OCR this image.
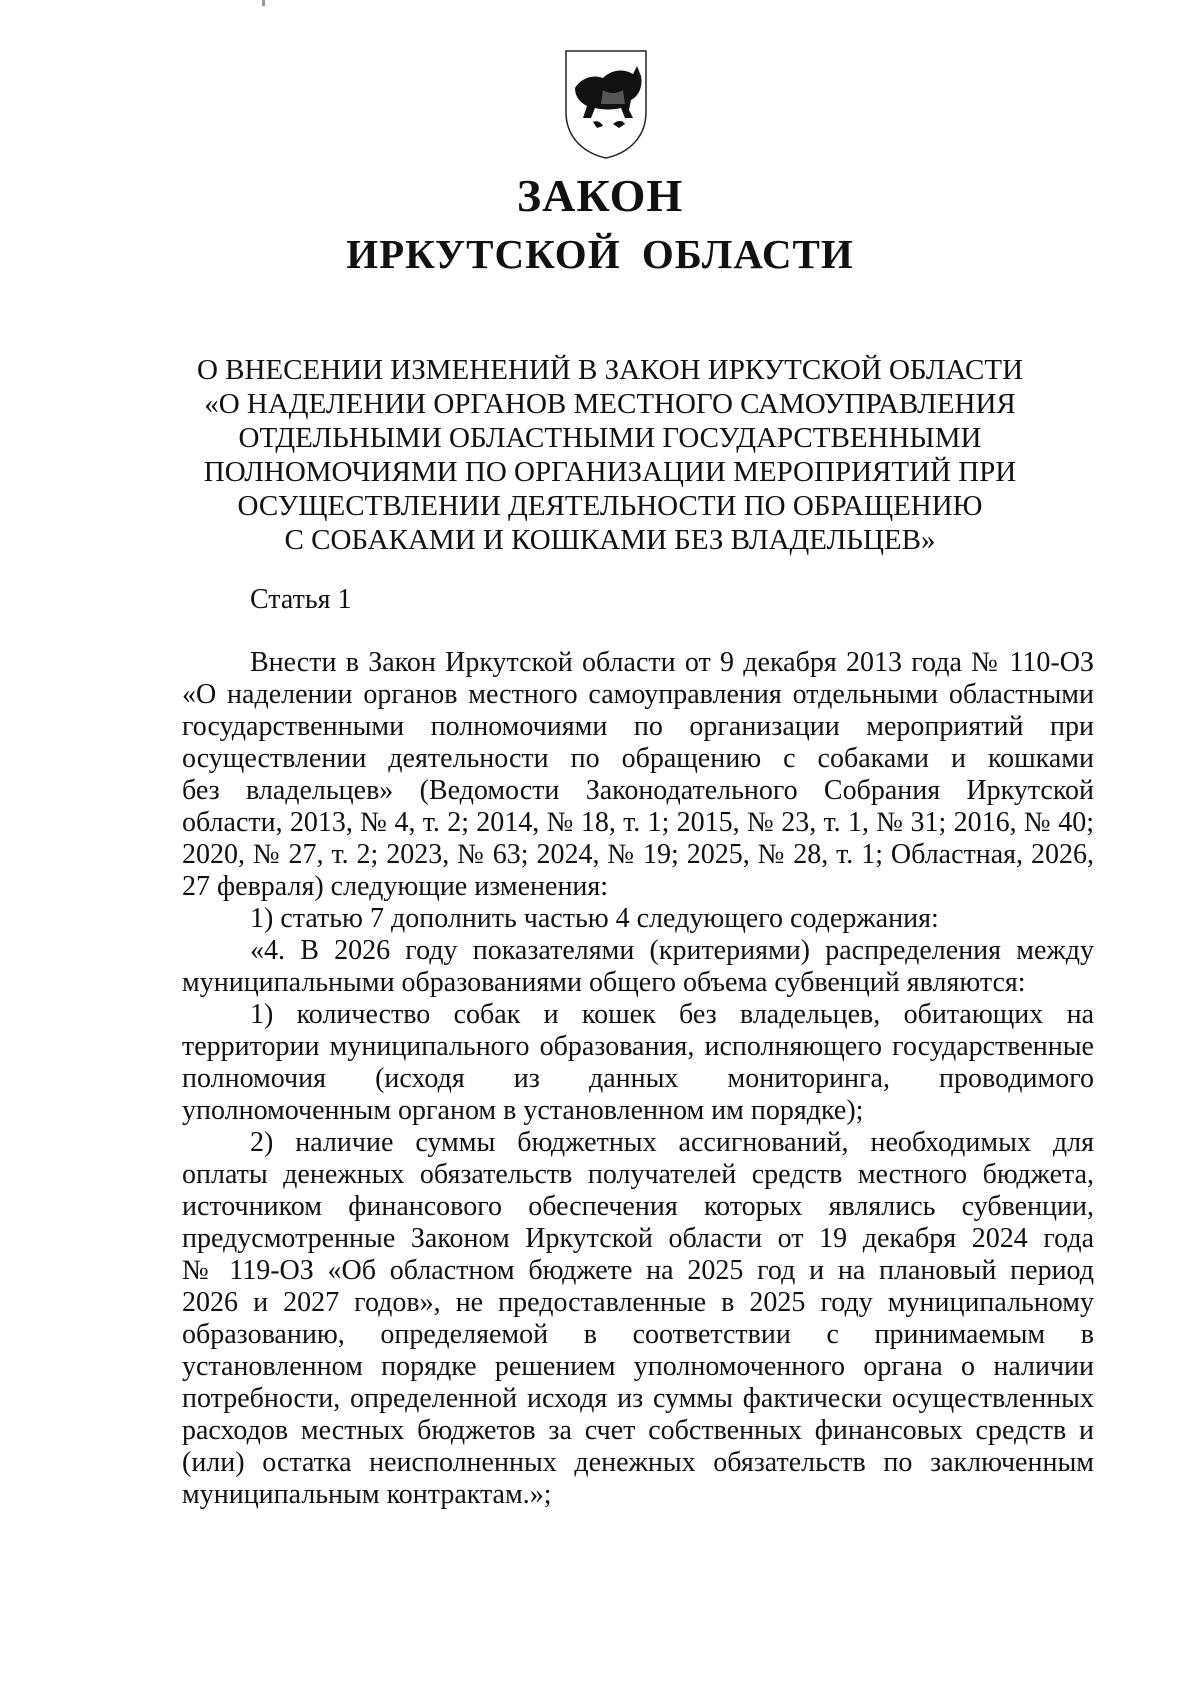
ЗАКОН
ИРКУТСКОЙ ОБЛАСТИ
О ВНЕСЕНИИ ИЗМЕНЕНИЙ В ЗАКОН ИРКУТСКОЙ ОБЛАСТИ
«О НАДЕЛЕНИИ ОРГАНОВ МЕСТНОГО САМОУПРАВЛЕНИЯ
ОТДЕЛЬНЫМИ ОБЛАСТНЫМИ ГОСУДАРСТВЕННЫМИ
ПОЛНОМОЧИЯМИ ПО ОРГАНИЗАЦИИ МЕРОПРИЯТИЙ ПРИ
ОСУЩЕСТВЛЕНИИ ДЕЯТЕЛЬНОСТИ ПО ОБРАЩЕНИЮ
С СОБАКАМИ И КОШКАМИ БЕЗ ВЛАДЕЛЬЦЕВ»
Статья 1
Внести в Закон Иркутской области от 9 декабря 2013 года № 110-ОЗ
«О наделении органов местного самоуправления отдельными областными
государственными полномочиями по организации мероприятий при
осуществлении деятельности по обращению с собаками и кошками
без владельцев» (Ведомости Законодательного Собрания Иркутской
области, 2013, № 4, т. 2; 2014, № 18, т. 1; 2015, № 23, т. 1, № 31; 2016, № 40;
2020, № 27, т. 2; 2023, № 63; 2024, № 19; 2025, № 28, т. 1; Областная, 2026,
27 февраля) следующие изменения:
1) статью 7 дополнить частью 4 следующего содержания:
«4. В 2026 году показателями (критериями) распределения между
муниципальными образованиями общего объема субвенций являются:
1) количество собак и кошек без владельцев, обитающих на
территории муниципального образования, исполняющего государственные
полномочия (исходя из данных мониторинга, проводимого
уполномоченным органом в установленном им порядке);
2) наличие суммы бюджетных ассигнований, необходимых для
оплаты денежных обязательств получателей средств местного бюджета,
источником финансового обеспечения которых являлись субвенции,
предусмотренные Законом Иркутской области от 19 декабря 2024 года
№ 119-ОЗ «Об областном бюджете на 2025 год и на плановый период
2026 и 2027 годов», не предоставленные в 2025 году муниципальному
образованию, определяемой в соответствии с принимаемым в
установленном порядке решением уполномоченного органа о наличии
потребности, определенной исходя из суммы фактически осуществленных
расходов местных бюджетов за счет собственных финансовых средств и
(или) остатка неисполненных денежных обязательств по заключенным
муниципальным контрактам.»;
